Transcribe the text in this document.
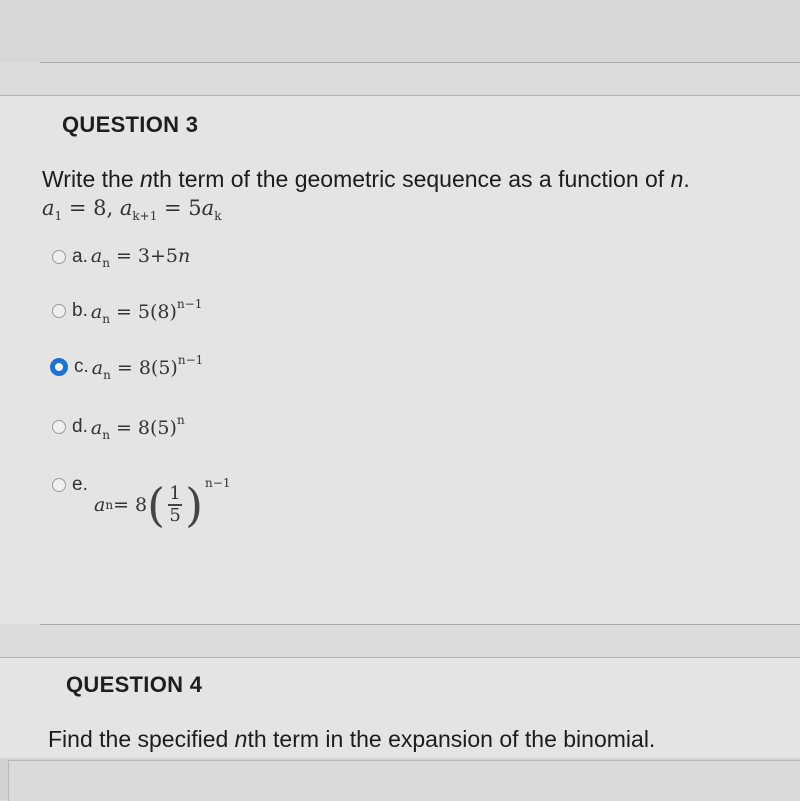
QUESTION 3
Write the nth term of the geometric sequence as a function of n.
$a_1 = 8$, $a_{k+1} = 5a_k$
a. $a_n = 3+5n$
b. $a_n = 5(8)^{n-1}$
c. $a_n = 8(5)^{n-1}$
d. $a_n = 8(5)^n$
e.
a n = 8 ( $\frac{1}{5}$ ) n−1
QUESTION 4
Find the specified nth term in the expansion of the binomial.
